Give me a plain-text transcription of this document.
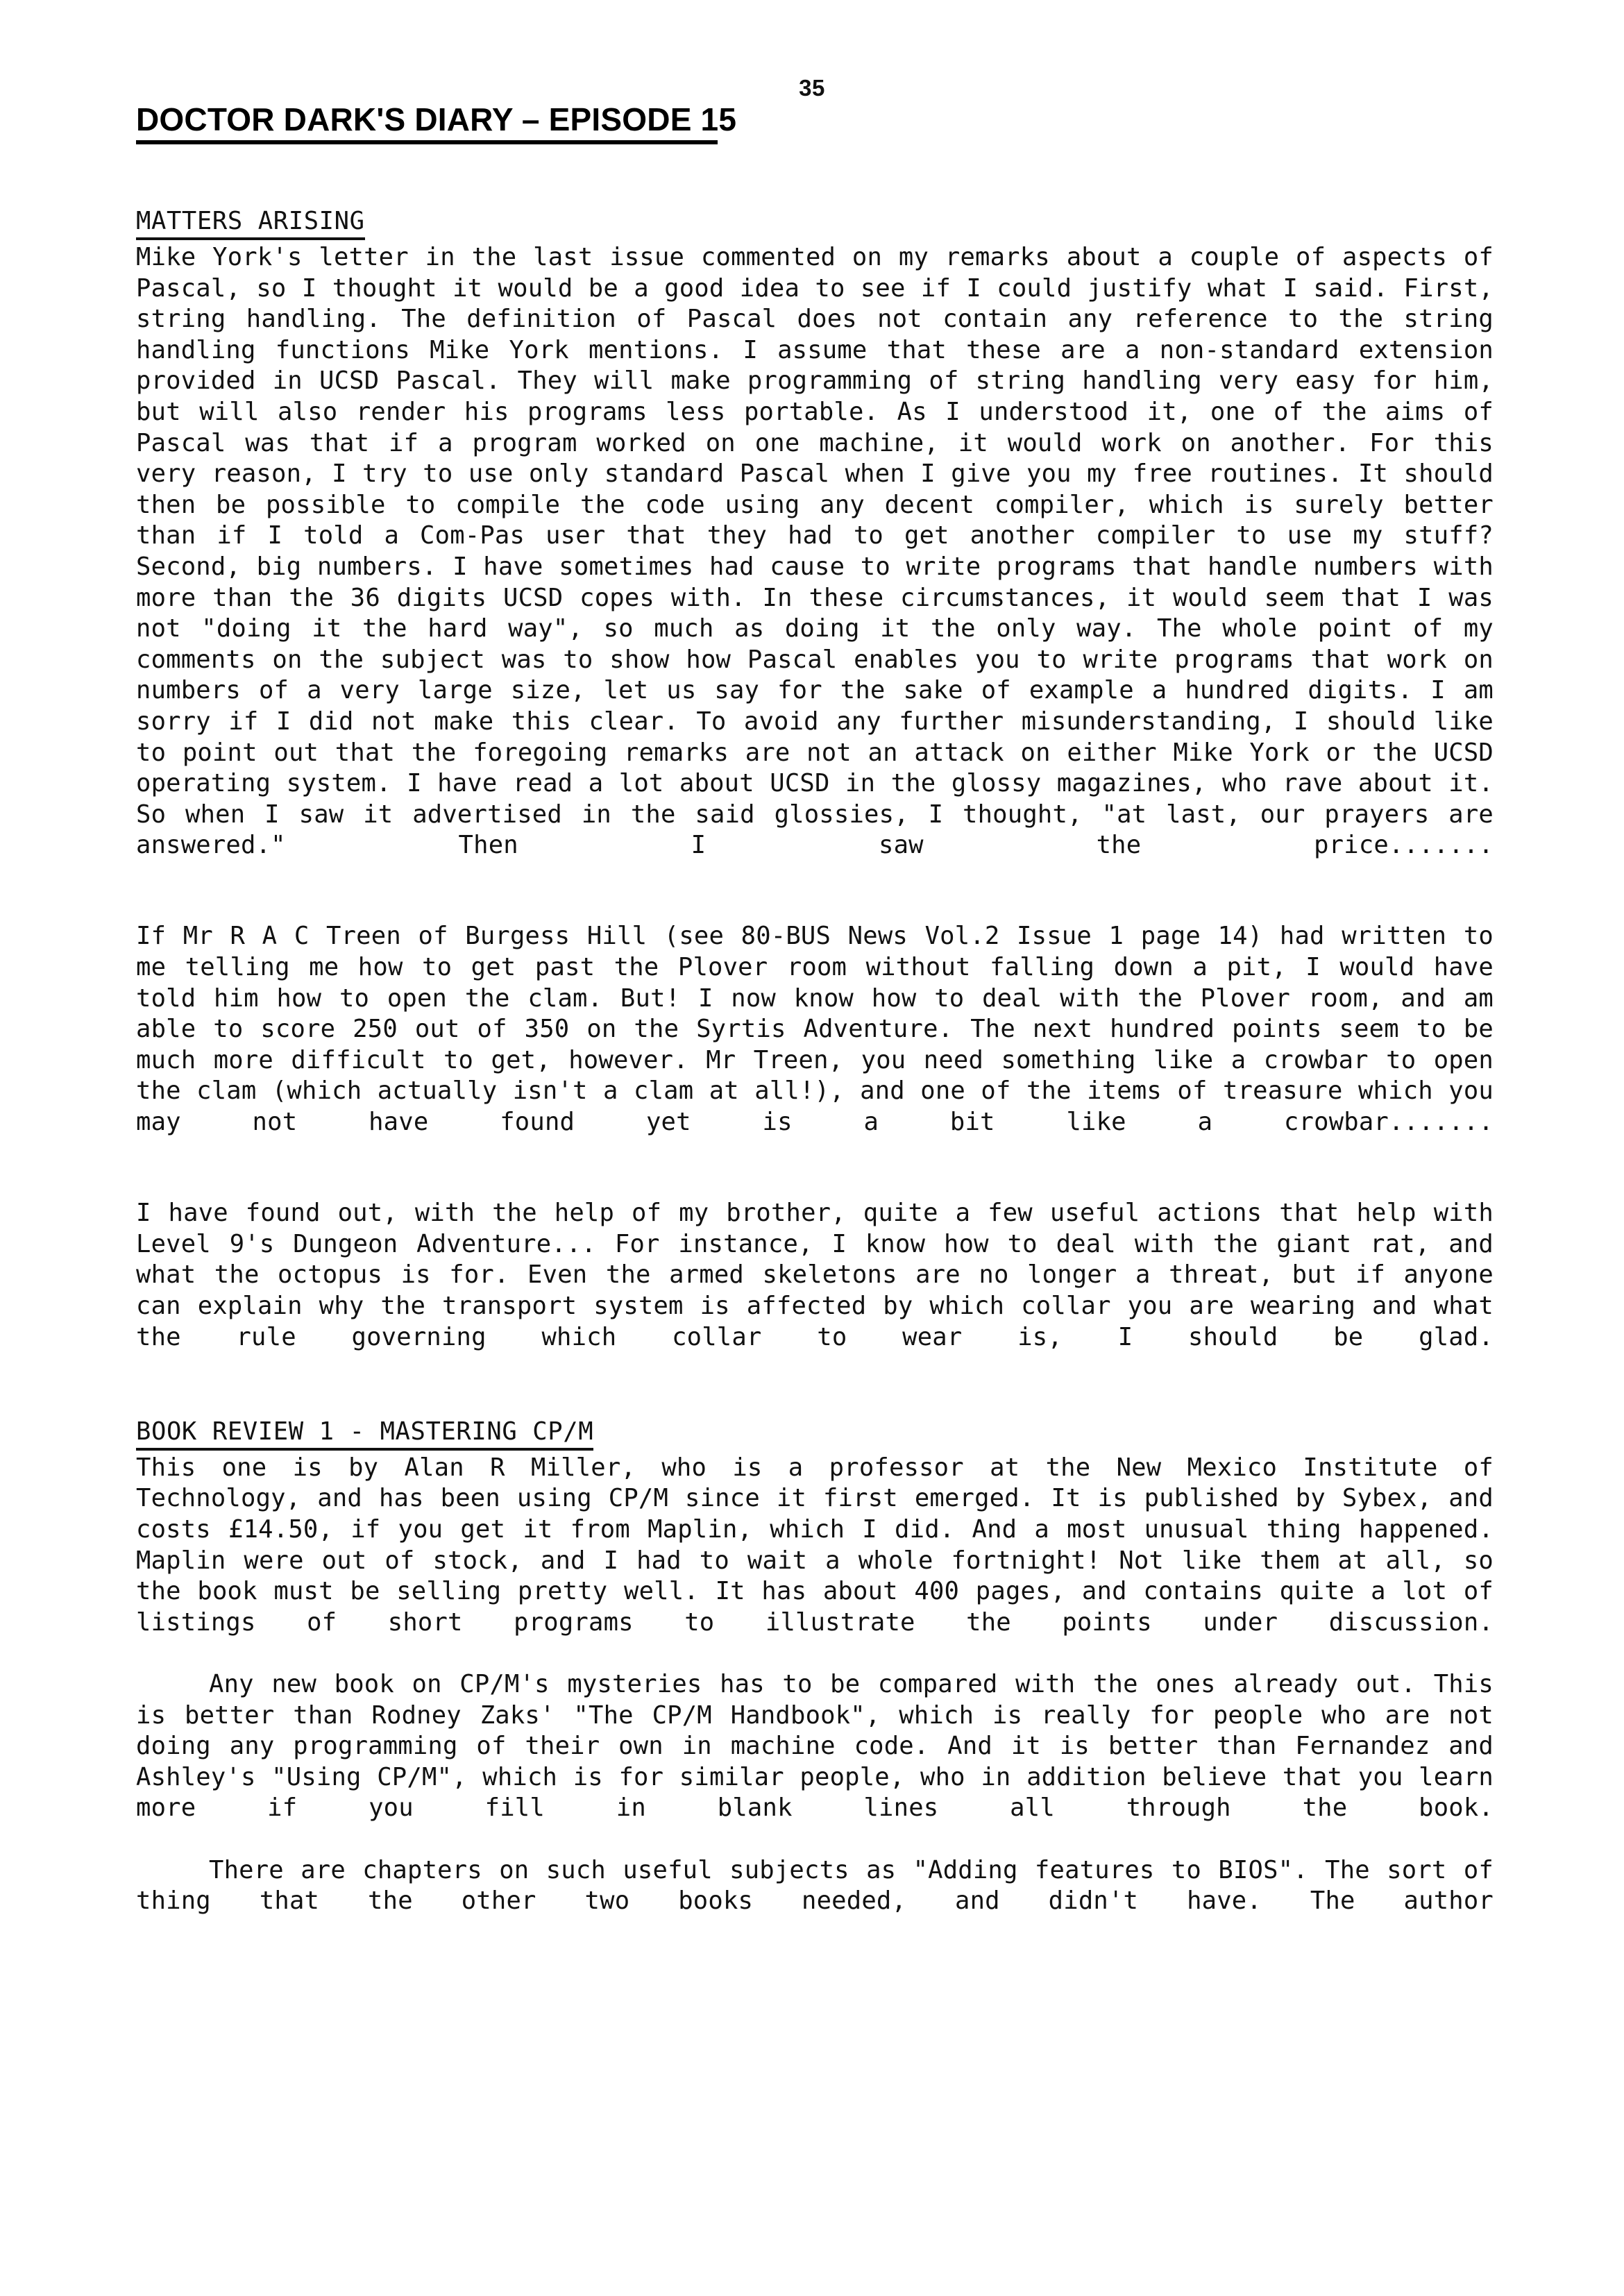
35
DOCTOR DARK'S DIARY – EPISODE 15
MATTERS ARISING

Mike York's letter in the last issue commented on my remarks about a couple of aspects of Pascal, so I thought it would be a good idea to see if I could justify what I said. First, string handling. The definition of Pascal does not contain any reference to the string handling functions Mike York mentions. I assume that these are a non-standard extension provided in UCSD Pascal. They will make programming of string handling very easy for him, but will also render his programs less portable. As I understood it, one of the aims of Pascal was that if a program worked on one machine, it would work on another. For this very reason, I try to use only standard Pascal when I give you my free routines. It should then be possible to compile the code using any decent compiler, which is surely better than if I told a Com-Pas user that they had to get another compiler to use my stuff? Second, big numbers. I have sometimes had cause to write programs that handle numbers with more than the 36 digits UCSD copes with. In these circumstances, it would seem that I was not "doing it the hard way", so much as doing it the only way. The whole point of my comments on the subject was to show how Pascal enables you to write programs that work on numbers of a very large size, let us say for the sake of example a hundred digits. I am sorry if I did not make this clear. To avoid any further misunderstanding, I should like to point out that the foregoing remarks are not an attack on either Mike York or the UCSD operating system. I have read a lot about UCSD in the glossy magazines, who rave about it. So when I saw it advertised in the said glossies, I thought, "at last, our prayers are answered." Then I saw the price.......

If Mr R A C Treen of Burgess Hill (see 80-BUS News Vol.2 Issue 1 page 14) had written to me telling me how to get past the Plover room without falling down a pit, I would have told him how to open the clam. But! I now know how to deal with the Plover room, and am able to score 250 out of 350 on the Syrtis Adventure. The next hundred points seem to be much more difficult to get, however. Mr Treen, you need something like a crowbar to open the clam (which actually isn't a clam at all!), and one of the items of treasure which you may not have found yet is a bit like a crowbar.......

I have found out, with the help of my brother, quite a few useful actions that help with Level 9's Dungeon Adventure... For instance, I know how to deal with the giant rat, and what the octopus is for. Even the armed skeletons are no longer a threat, but if anyone can explain why the transport system is affected by which collar you are wearing and what the rule governing which collar to wear is, I should be glad.

BOOK REVIEW 1 - MASTERING CP/M

This one is by Alan R Miller, who is a professor at the New Mexico Institute of Technology, and has been using CP/M since it first emerged. It is published by Sybex, and costs £14.50, if you get it from Maplin, which I did. And a most unusual thing happened. Maplin were out of stock, and I had to wait a whole fortnight! Not like them at all, so the book must be selling pretty well. It has about 400 pages, and contains quite a lot of listings of short programs to illustrate the points under discussion.

Any new book on CP/M's mysteries has to be compared with the ones already out. This is better than Rodney Zaks' "The CP/M Handbook", which is really for people who are not doing any programming of their own in machine code. And it is better than Fernandez and Ashley's "Using CP/M", which is for similar people, who in addition believe that you learn more if you fill in blank lines all through the book.

There are chapters on such useful subjects as "Adding features to BIOS". The sort of thing that the other two books needed, and didn't have. The author
